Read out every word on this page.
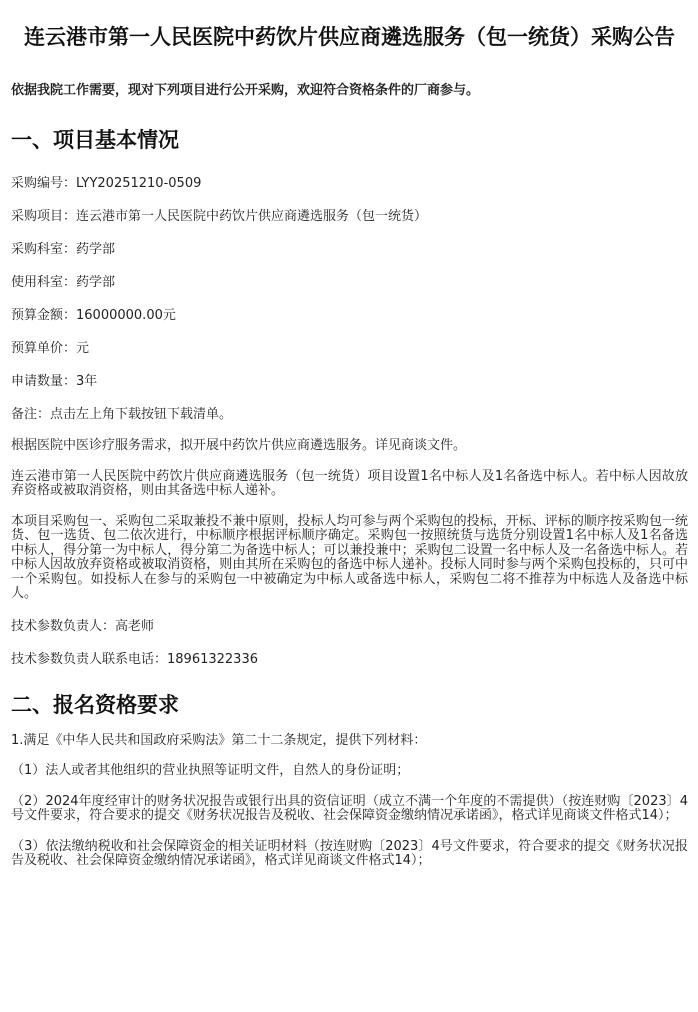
连云港市第一人民医院中药饮片供应商遴选服务（包一统货）采购公告

依据我院工作需要，现对下列项目进行公开采购，欢迎符合资格条件的厂商参与。

一、项目基本情况
采购编号：LYY20251210-0509
采购项目：连云港市第一人民医院中药饮片供应商遴选服务（包一统货）
采购科室：药学部
使用科室：药学部
预算金额：16000000.00元
预算单价：元
申请数量：3年
备注：点击左上角下载按钮下载清单。

根据医院中医诊疗服务需求，拟开展中药饮片供应商遴选服务。详见商谈文件。

连云港市第一人民医院中药饮片供应商遴选服务（包一统货）项目设置1名中标人及1名备选中标人。若中标人因故放弃资格或被取消资格，则由其备选中标人递补。

本项目采购包一、采购包二采取兼投不兼中原则，投标人均可参与两个采购包的投标，开标、评标的顺序按采购包一统货、包一选货、包二依次进行，中标顺序根据评标顺序确定。采购包一按照统货与选货分别设置1名中标人及1名备选中标人，得分第一为中标人，得分第二为备选中标人；可以兼投兼中；采购包二设置一名中标人及一名备选中标人。若中标人因故放弃资格或被取消资格，则由其所在采购包的备选中标人递补。投标人同时参与两个采购包投标的，只可中一个采购包。如投标人在参与的采购包一中被确定为中标人或备选中标人，采购包二将不推荐为中标选人及备选中标人。

技术参数负责人：高老师
技术参数负责人联系电话：18961322336
二、报名资格要求

1.满足《中华人民共和国政府采购法》第二十二条规定，提供下列材料：

（1）法人或者其他组织的营业执照等证明文件，自然人的身份证明；

（2）2024年度经审计的财务状况报告或银行出具的资信证明（成立不满一个年度的不需提供）（按连财购〔2023〕4号文件要求，符合要求的提交《财务状况报告及税收、社会保障资金缴纳情况承诺函》，格式详见商谈文件格式14）；

（3）依法缴纳税收和社会保障资金的相关证明材料（按连财购〔2023〕4号文件要求，符合要求的提交《财务状况报告及税收、社会保障资金缴纳情况承诺函》，格式详见商谈文件格式14）；
